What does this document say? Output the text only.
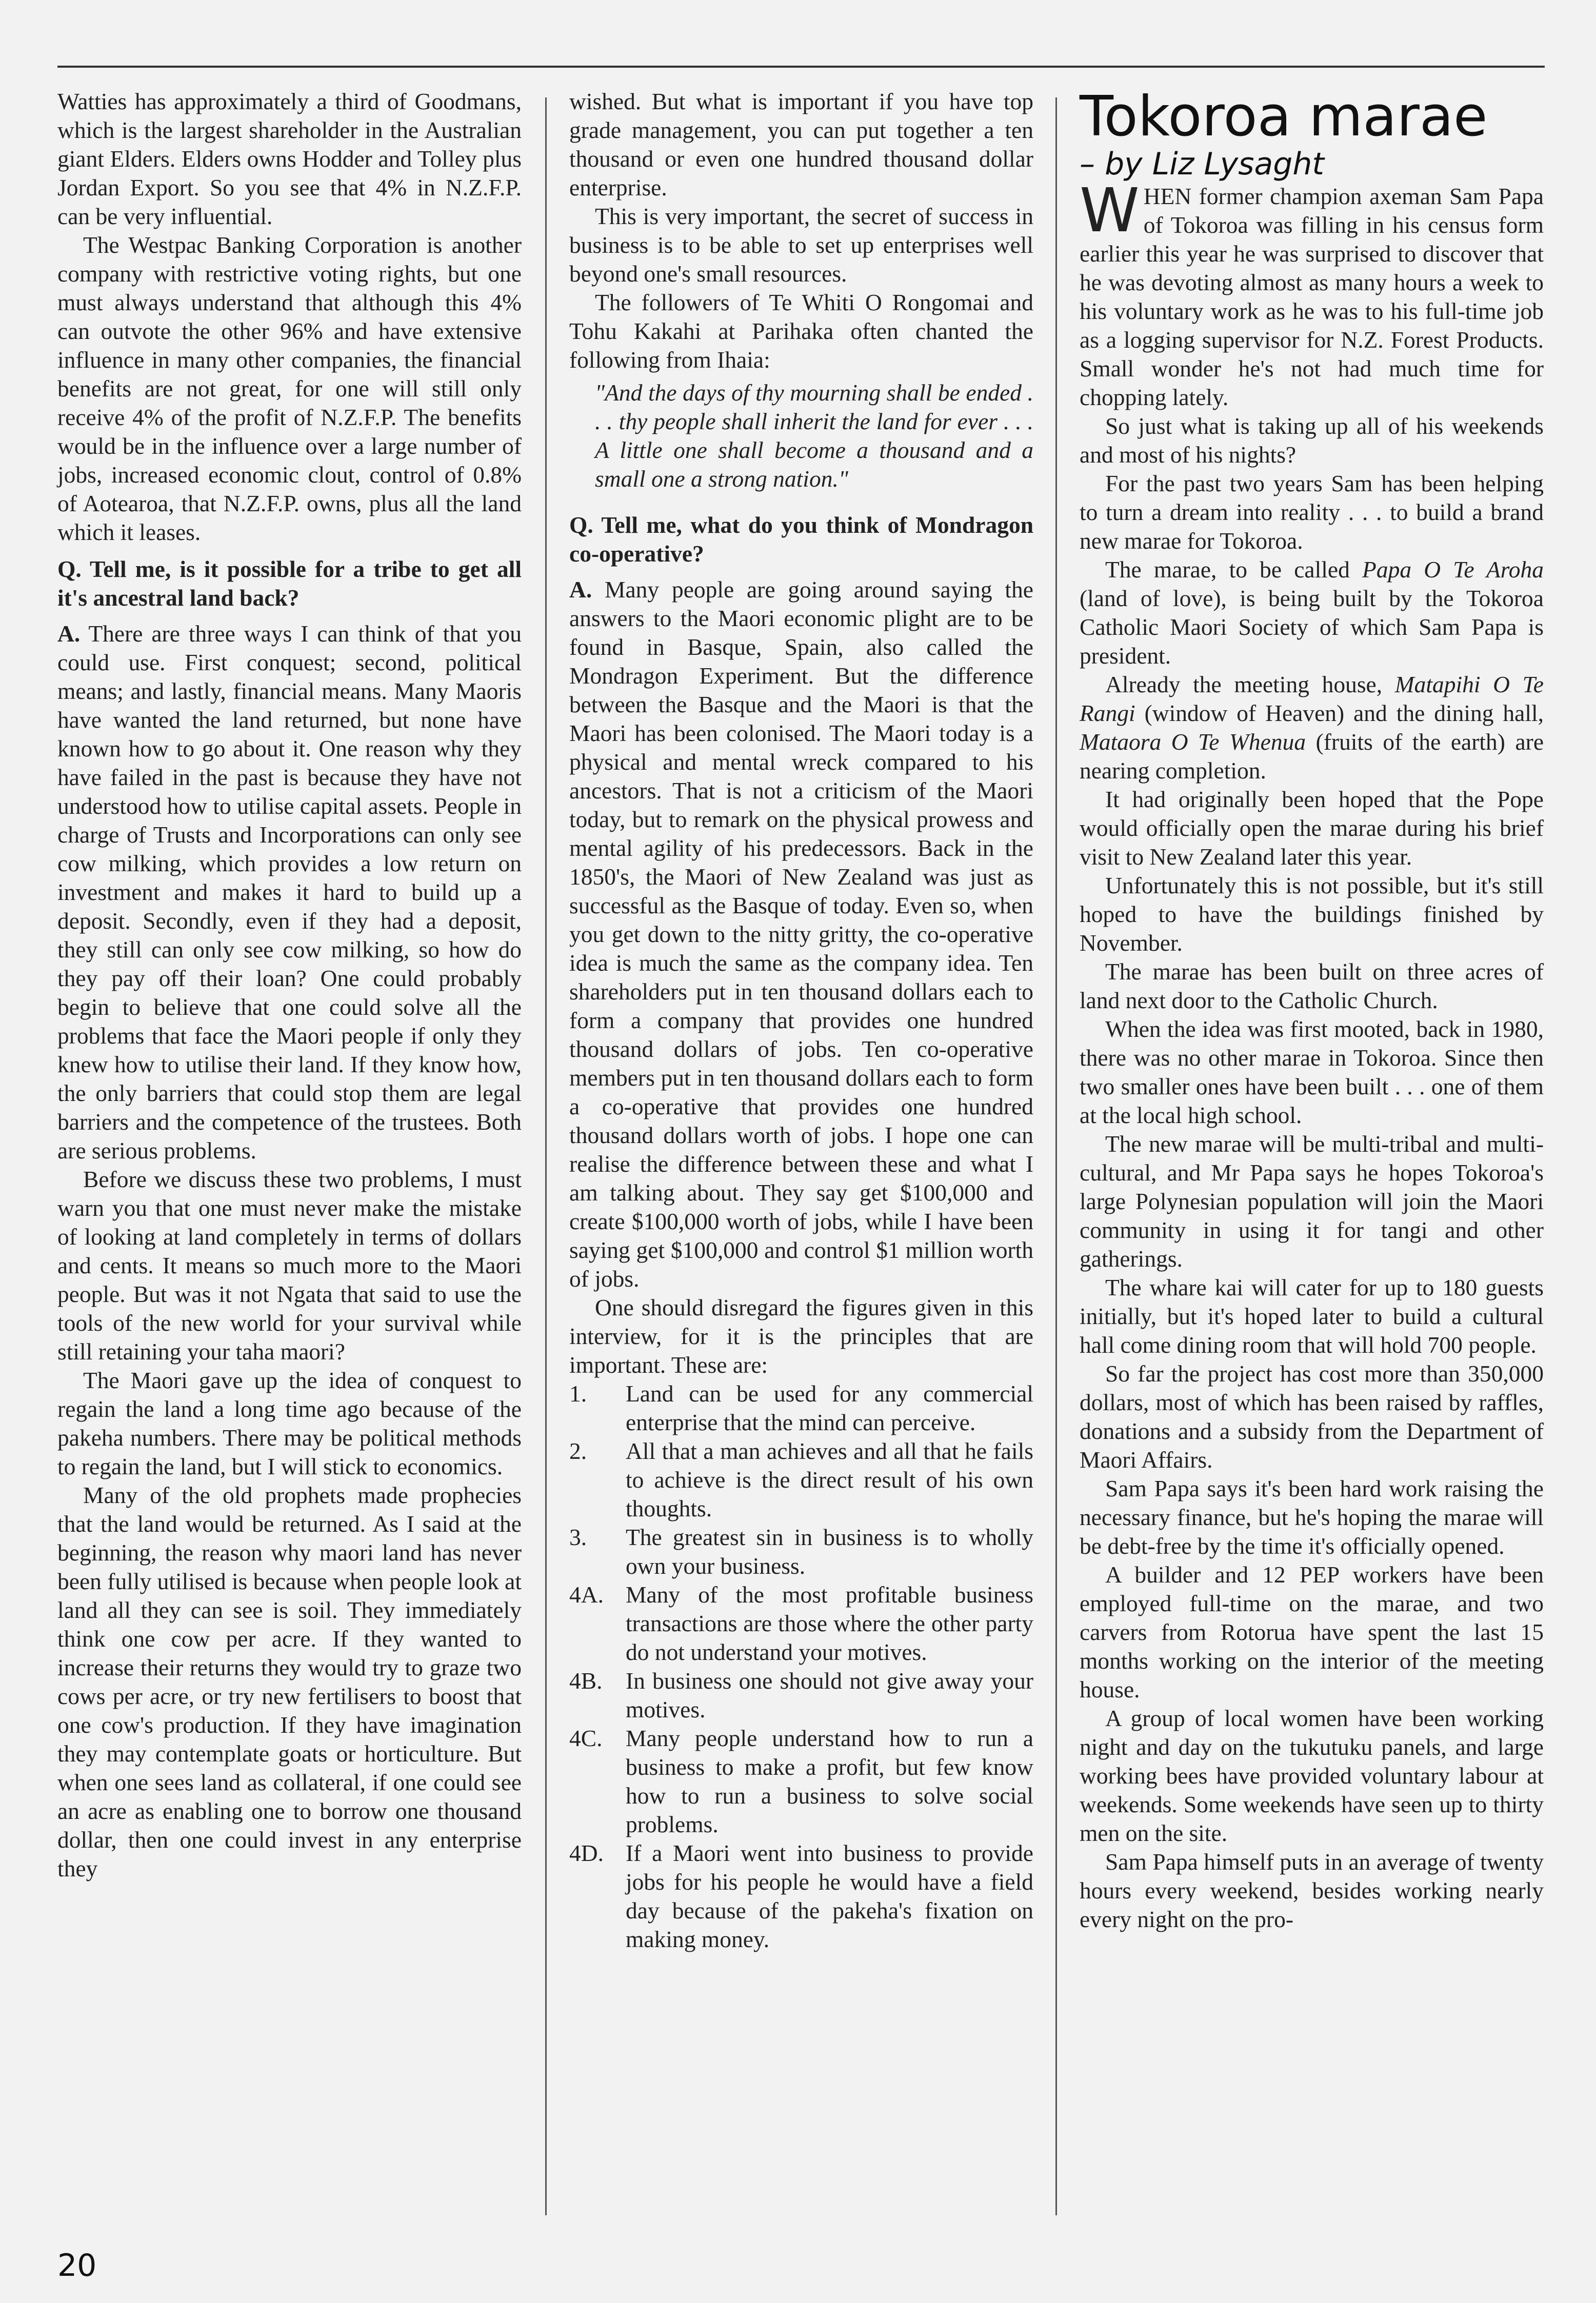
Watties has approximately a third of Goodmans, which is the largest shareholder in the Australian giant Elders. Elders owns Hodder and Tolley plus Jordan Export. So you see that 4% in N.Z.F.P. can be very influential.

The Westpac Banking Corporation is another company with restrictive voting rights, but one must always understand that although this 4% can outvote the other 96% and have extensive influence in many other companies, the financial benefits are not great, for one will still only receive 4% of the profit of N.Z.F.P. The benefits would be in the influence over a large number of jobs, increased economic clout, control of 0.8% of Aotearoa, that N.Z.F.P. owns, plus all the land which it leases.

Q. Tell me, is it possible for a tribe to get all it's ancestral land back?

A. There are three ways I can think of that you could use. First conquest; second, political means; and lastly, financial means. Many Maoris have wanted the land returned, but none have known how to go about it. One reason why they have failed in the past is because they have not understood how to utilise capital assets. People in charge of Trusts and Incorporations can only see cow milking, which provides a low return on investment and makes it hard to build up a deposit. Secondly, even if they had a deposit, they still can only see cow milking, so how do they pay off their loan? One could probably begin to believe that one could solve all the problems that face the Maori people if only they knew how to utilise their land. If they know how, the only barriers that could stop them are legal barriers and the competence of the trustees. Both are serious problems.

Before we discuss these two problems, I must warn you that one must never make the mistake of looking at land completely in terms of dollars and cents. It means so much more to the Maori people. But was it not Ngata that said to use the tools of the new world for your survival while still retaining your taha maori?

The Maori gave up the idea of conquest to regain the land a long time ago because of the pakeha numbers. There may be political methods to regain the land, but I will stick to economics.

Many of the old prophets made prophecies that the land would be returned. As I said at the beginning, the reason why maori land has never been fully utilised is because when people look at land all they can see is soil. They immediately think one cow per acre. If they wanted to increase their returns they would try to graze two cows per acre, or try new fertilisers to boost that one cow's production. If they have imagination they may contemplate goats or horticulture. But when one sees land as collateral, if one could see an acre as enabling one to borrow one thousand dollar, then one could invest in any enterprise they

wished. But what is important if you have top grade management, you can put together a ten thousand or even one hundred thousand dollar enterprise.

This is very important, the secret of success in business is to be able to set up enterprises well beyond one's small resources.

The followers of Te Whiti O Rongomai and Tohu Kakahi at Parihaka often chanted the following from Ihaia:

"And the days of thy mourning shall be ended . . . thy people shall inherit the land for ever . . . A little one shall become a thousand and a small one a strong nation."

Q. Tell me, what do you think of Mondragon co-operative?

A. Many people are going around saying the answers to the Maori economic plight are to be found in Basque, Spain, also called the Mondragon Experiment. But the difference between the Basque and the Maori is that the Maori has been colonised. The Maori today is a physical and mental wreck compared to his ancestors. That is not a criticism of the Maori today, but to remark on the physical prowess and mental agility of his predecessors. Back in the 1850's, the Maori of New Zealand was just as successful as the Basque of today. Even so, when you get down to the nitty gritty, the co-operative idea is much the same as the company idea. Ten shareholders put in ten thousand dollars each to form a company that provides one hundred thousand dollars of jobs. Ten co-operative members put in ten thousand dollars each to form a co-operative that provides one hundred thousand dollars worth of jobs. I hope one can realise the difference between these and what I am talking about. They say get $100,000 and create $100,000 worth of jobs, while I have been saying get $100,000 and control $1 million worth of jobs.

One should disregard the figures given in this interview, for it is the principles that are important. These are:

1.	Land can be used for any commercial enterprise that the mind can perceive.
2.	All that a man achieves and all that he fails to achieve is the direct result of his own thoughts.
3.	The greatest sin in business is to wholly own your business.
4A. Many of the most profitable business transactions are those where the other party do not understand your motives.
4B.	In business one should not give away your motives.
4C.	Many people understand how to run a business to make a profit, but few know how to run a business to solve social problems.
4D. If a Maori went into business to provide jobs for his people he would have a field day because of the pakeha's fixation on making money.
Tokoroa marae

– by Liz Lysaght

WHEN former champion axeman Sam Papa of Tokoroa was filling in his census form earlier this year he was surprised to discover that he was devoting almost as many hours a week to his voluntary work as he was to his full-time job as a logging supervisor for N.Z. Forest Products. Small wonder he's not had much time for chopping lately.

So just what is taking up all of his weekends and most of his nights?

For the past two years Sam has been helping to turn a dream into reality . . . to build a brand new marae for Tokoroa.

The marae, to be called Papa O Te Aroha (land of love), is being built by the Tokoroa Catholic Maori Society of which Sam Papa is president.

Already the meeting house, Matapihi O Te Rangi (window of Heaven) and the dining hall, Mataora O Te Whenua (fruits of the earth) are nearing completion.

It had originally been hoped that the Pope would officially open the marae during his brief visit to New Zealand later this year.

Unfortunately this is not possible, but it's still hoped to have the buildings finished by November.

The marae has been built on three acres of land next door to the Catholic Church.

When the idea was first mooted, back in 1980, there was no other marae in Tokoroa. Since then two smaller ones have been built . . . one of them at the local high school.

The new marae will be multi-tribal and multi-cultural, and Mr Papa says he hopes Tokoroa's large Polynesian population will join the Maori community in using it for tangi and other gatherings.

The whare kai will cater for up to 180 guests initially, but it's hoped later to build a cultural hall come dining room that will hold 700 people.

So far the project has cost more than 350,000 dollars, most of which has been raised by raffles, donations and a subsidy from the Department of Maori Affairs.

Sam Papa says it's been hard work raising the necessary finance, but he's hoping the marae will be debt-free by the time it's officially opened.

A builder and 12 PEP workers have been employed full-time on the marae, and two carvers from Rotorua have spent the last 15 months working on the interior of the meeting house.

A group of local women have been working night and day on the tukutuku panels, and large working bees have provided voluntary labour at weekends. Some weekends have seen up to thirty men on the site.

Sam Papa himself puts in an average of twenty hours every weekend, besides working nearly every night on the pro-

20
